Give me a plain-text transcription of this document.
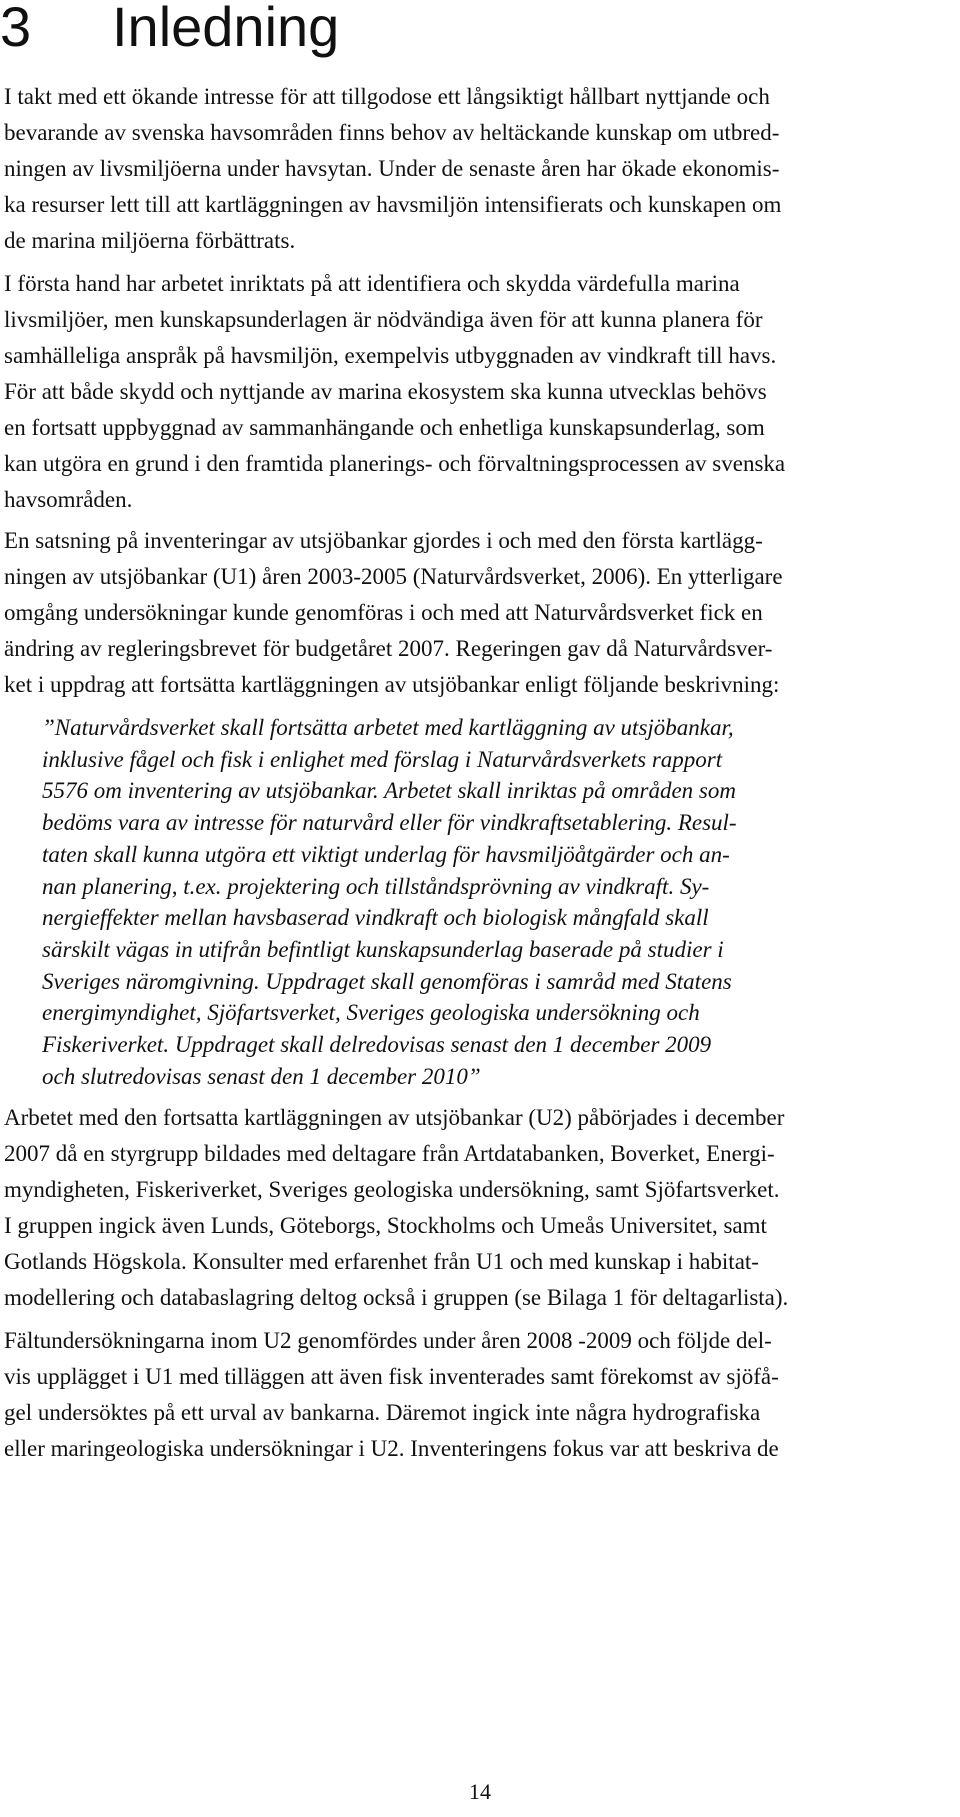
3 Inledning

I takt med ett ökande intresse för att tillgodose ett långsiktigt hållbart nyttjande och
bevarande av svenska havsområden finns behov av heltäckande kunskap om utbred-
ningen av livsmiljöerna under havsytan. Under de senaste åren har ökade ekonomis-
ka resurser lett till att kartläggningen av havsmiljön intensifierats och kunskapen om
de marina miljöerna förbättrats.

I första hand har arbetet inriktats på att identifiera och skydda värdefulla marina
livsmiljöer, men kunskapsunderlagen är nödvändiga även för att kunna planera för
samhälleliga anspråk på havsmiljön, exempelvis utbyggnaden av vindkraft till havs.
För att både skydd och nyttjande av marina ekosystem ska kunna utvecklas behövs
en fortsatt uppbyggnad av sammanhängande och enhetliga kunskapsunderlag, som
kan utgöra en grund i den framtida planerings- och förvaltningsprocessen av svenska
havsområden.

En satsning på inventeringar av utsjöbankar gjordes i och med den första kartlägg-
ningen av utsjöbankar (U1) åren 2003-2005 (Naturvårdsverket, 2006). En ytterligare
omgång undersökningar kunde genomföras i och med att Naturvårdsverket fick en
ändring av regleringsbrevet för budgetåret 2007. Regeringen gav då Naturvårdsver-
ket i uppdrag att fortsätta kartläggningen av utsjöbankar enligt följande beskrivning:

”Naturvårdsverket skall fortsätta arbetet med kartläggning av utsjöbankar,
inklusive fågel och fisk i enlighet med förslag i Naturvårdsverkets rapport
5576 om inventering av utsjöbankar. Arbetet skall inriktas på områden som
bedöms vara av intresse för naturvård eller för vindkraftsetablering. Resul-
taten skall kunna utgöra ett viktigt underlag för havsmiljöåtgärder och an-
nan planering, t.ex. projektering och tillståndsprövning av vindkraft. Sy-
nergieffekter mellan havsbaserad vindkraft och biologisk mångfald skall
särskilt vägas in utifrån befintligt kunskapsunderlag baserade på studier i
Sveriges näromgivning. Uppdraget skall genomföras i samråd med Statens
energimyndighet, Sjöfartsverket, Sveriges geologiska undersökning och
Fiskeriverket. Uppdraget skall delredovisas senast den 1 december 2009
och slutredovisas senast den 1 december 2010”

Arbetet med den fortsatta kartläggningen av utsjöbankar (U2) påbörjades i december
2007 då en styrgrupp bildades med deltagare från Artdatabanken, Boverket, Energi-
myndigheten, Fiskeriverket, Sveriges geologiska undersökning, samt Sjöfartsverket.
I gruppen ingick även Lunds, Göteborgs, Stockholms och Umeås Universitet, samt
Gotlands Högskola. Konsulter med erfarenhet från U1 och med kunskap i habitat-
modellering och databaslagring deltog också i gruppen (se Bilaga 1 för deltagarlista).

Fältundersökningarna inom U2 genomfördes under åren 2008 -2009 och följde del-
vis upplägget i U1 med tilläggen att även fisk inventerades samt förekomst av sjöfå-
gel undersöktes på ett urval av bankarna. Däremot ingick inte några hydrografiska
eller maringeologiska undersökningar i U2. Inventeringens fokus var att beskriva de

14
